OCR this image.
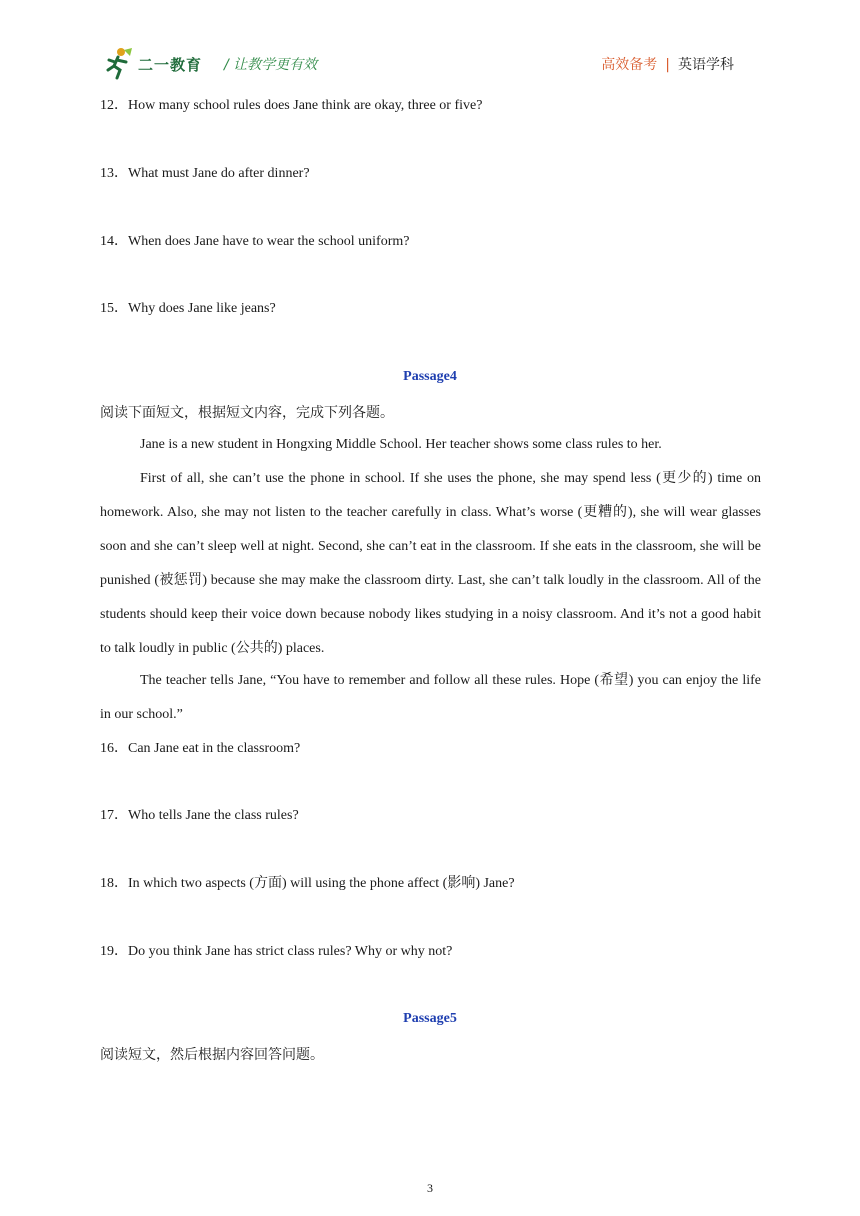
二一教育 / 让教学更有效	高效备考 | 英语学科
12．How many school rules does Jane think are okay, three or five?
13．What must Jane do after dinner?
14．When does Jane have to wear the school uniform?
15．Why does Jane like jeans?
Passage4
阅读下面短文，根据短文内容，完成下列各题。
Jane is a new student in Hongxing Middle School. Her teacher shows some class rules to her.
First of all, she can’t use the phone in school. If she uses the phone, she may spend less (更少的) time on homework. Also, she may not listen to the teacher carefully in class. What’s worse (更糟的), she will wear glasses soon and she can’t sleep well at night. Second, she can’t eat in the classroom. If she eats in the classroom, she will be punished (被惩罚) because she may make the classroom dirty. Last, she can’t talk loudly in the classroom. All of the students should keep their voice down because nobody likes studying in a noisy classroom. And it’s not a good habit to talk loudly in public (公共的) places.
The teacher tells Jane, “You have to remember and follow all these rules. Hope (希望) you can enjoy the life in our school.”
16．Can Jane eat in the classroom?
17．Who tells Jane the class rules?
18．In which two aspects (方面) will using the phone affect (影响) Jane?
19．Do you think Jane has strict class rules? Why or why not?
Passage5
阅读短文，然后根据内容回答问题。
3
